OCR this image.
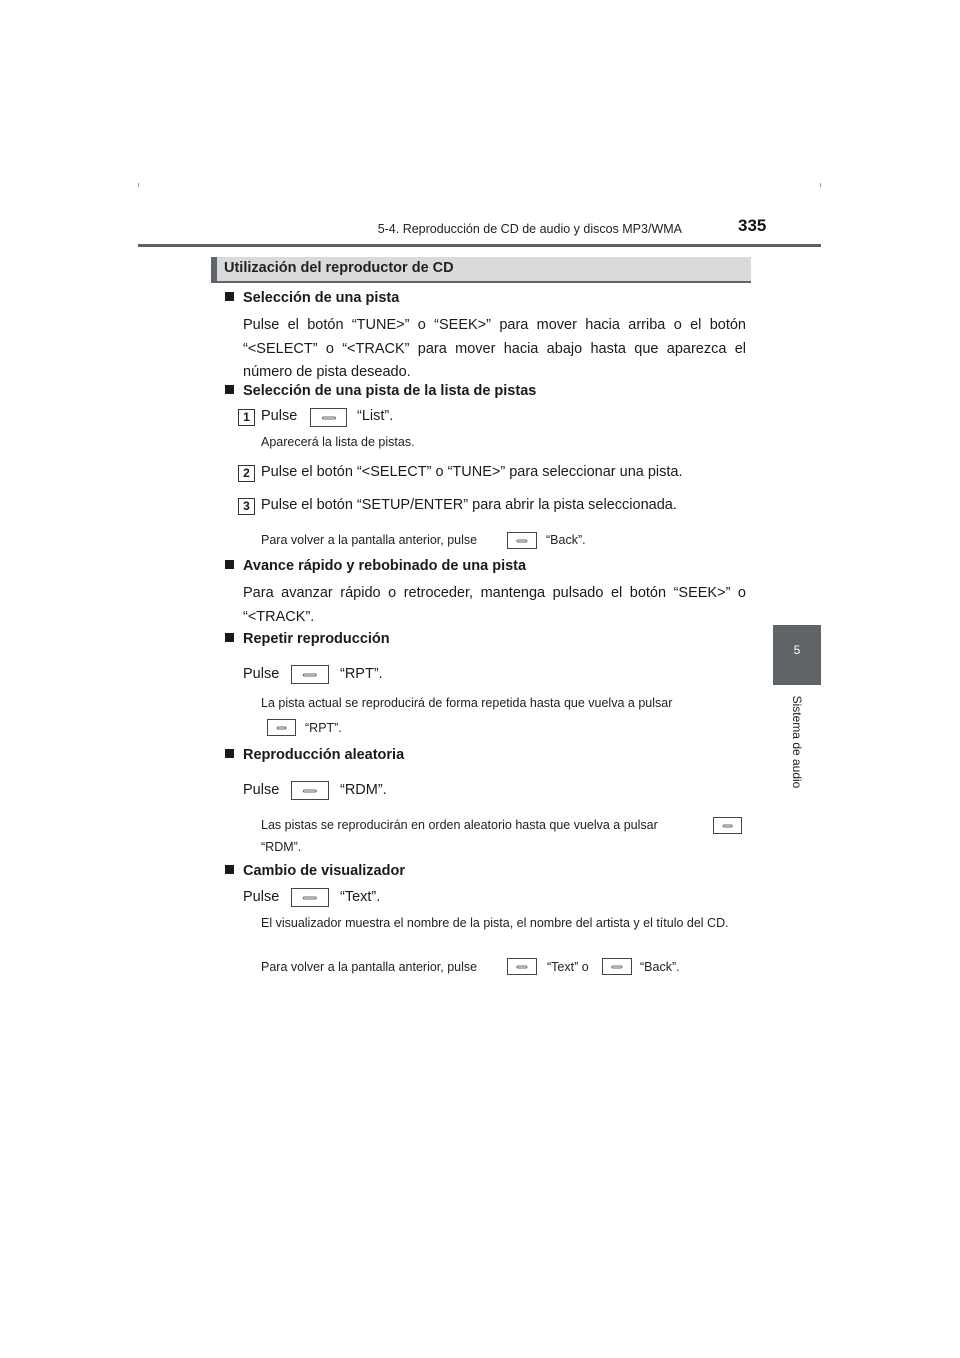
5-4. Reproducción de CD de audio y discos MP3/WMA	335
5
Sistema de audio
Utilización del reproductor de CD
Selección de una pista
Pulse el botón “TUNE>” o “SEEK>” para mover hacia arriba o el botón “<SELECT” o “<TRACK” para mover hacia abajo hasta que aparezca el número de pista deseado.
Selección de una pista de la lista de pistas
1 Pulse	“List”.
Aparecerá la lista de pistas.
2 Pulse el botón “<SELECT” o “TUNE>” para seleccionar una pista.
3 Pulse el botón “SETUP/ENTER” para abrir la pista seleccionada.
Para volver a la pantalla anterior, pulse	“Back”.
Avance rápido y rebobinado de una pista
Para avanzar rápido o retroceder, mantenga pulsado el botón “SEEK>” o “<TRACK”.
Repetir reproducción
Pulse	“RPT”.
La pista actual se reproducirá de forma repetida hasta que vuelva a pulsar
“RPT”.
Reproducción aleatoria
Pulse	“RDM”.
Las pistas se reproducirán en orden aleatorio hasta que vuelva a pulsar
“RDM”.
Cambio de visualizador
Pulse	“Text”.
El visualizador muestra el nombre de la pista, el nombre del artista y el título del CD.
Para volver a la pantalla anterior, pulse	“Text” o	“Back”.
